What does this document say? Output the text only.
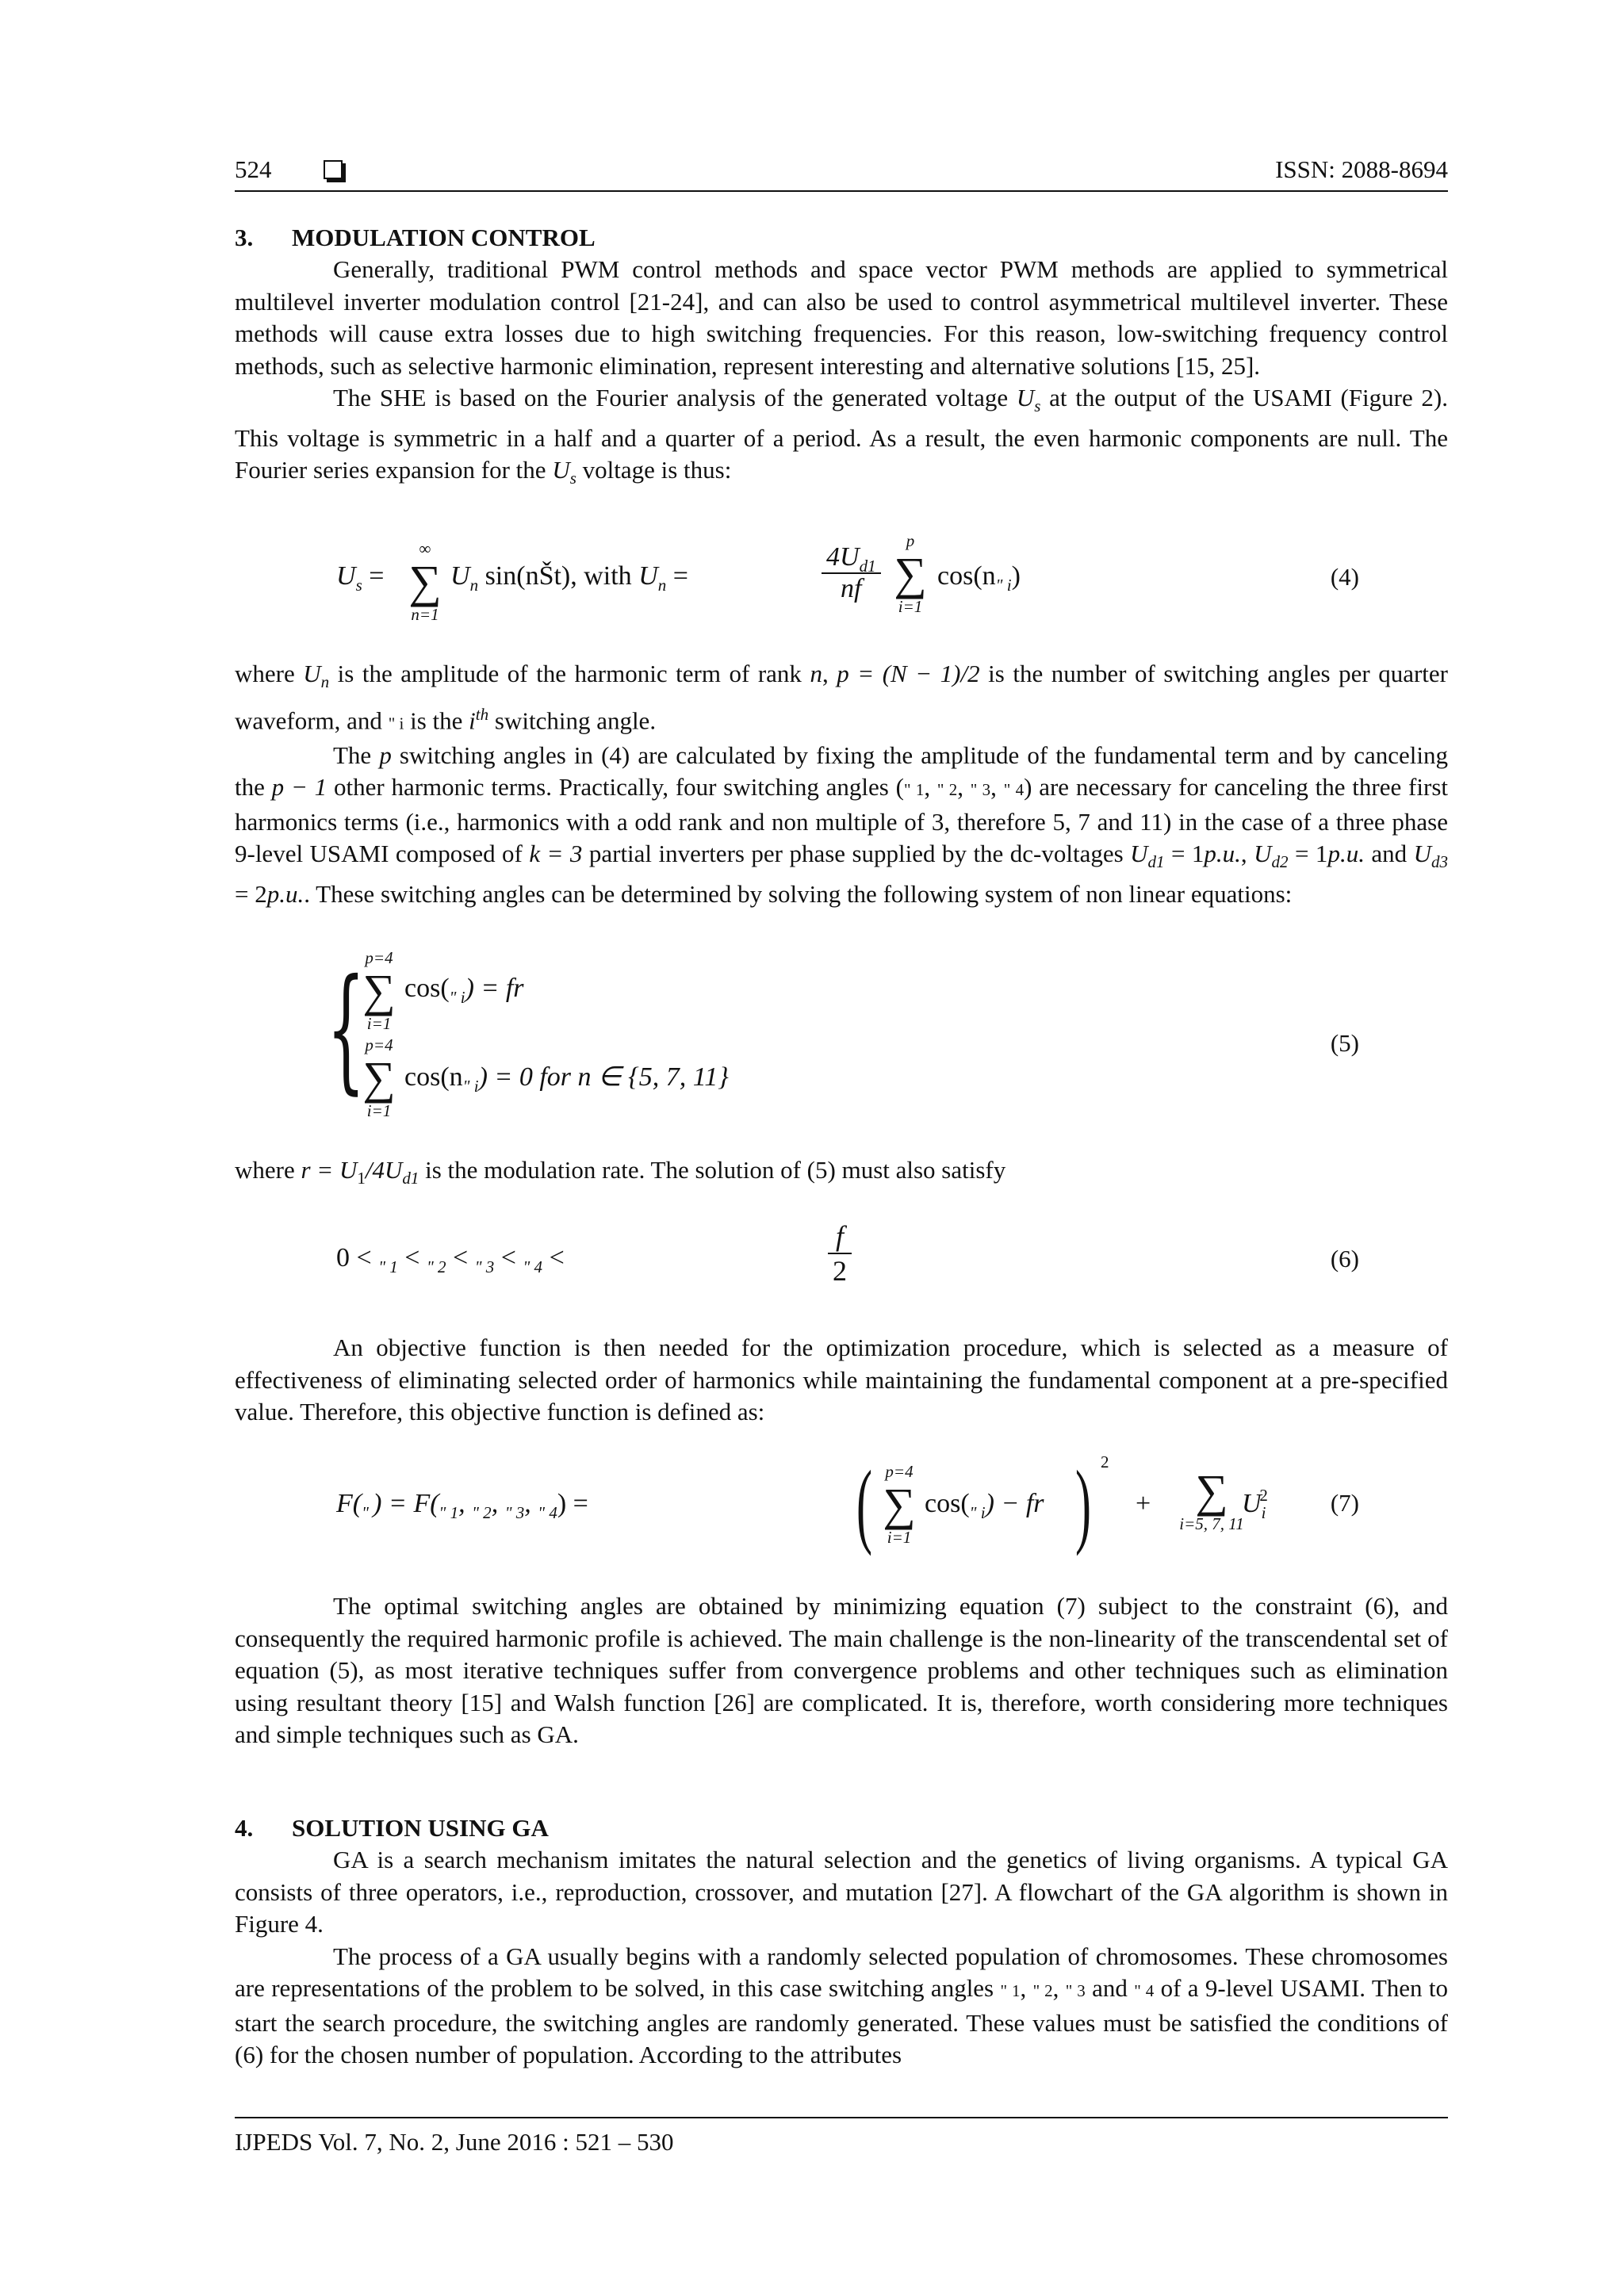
524	ISSN: 2088-8694

3. MODULATION CONTROL

Generally, traditional PWM control methods and space vector PWM methods are applied to symmetrical multilevel inverter modulation control [21-24], and can also be used to control asymmetrical multilevel inverter. These methods will cause extra losses due to high switching frequencies. For this reason, low-switching frequency control methods, such as selective harmonic elimination, represent interesting and alternative solutions [15, 25].

The SHE is based on the Fourier analysis of the generated voltage $U_s$ at the output of the USAMI (Figure 2). This voltage is symmetric in a half and a quarter of a period. As a result, the even harmonic components are null. The Fourier series expansion for the $U_s$ voltage is thus:

$U_s$ =
∞
∑
n=1
$U_n$ sin(nŠt), with $U_n$ =	$\frac{4U_{d1}}{nf}$
p
∑
i=1
$\cos(n_{" i})$	(4)

where $U_n$ is the amplitude of the harmonic term of rank n, p = (N − 1)/2 is the number of switching angles per quarter waveform, and " i is the $i^{th}$ switching angle.

The p switching angles in (4) are calculated by fixing the amplitude of the fundamental term and by canceling the p − 1 other harmonic terms. Practically, four switching angles (" 1, " 2, " 3, " 4) are necessary for canceling the three first harmonics terms (i.e., harmonics with a odd rank and non multiple of 3, therefore 5, 7 and 11) in the case of a three phase 9-level USAMI composed of k = 3 partial inverters per phase supplied by the dc-voltages $U_{d1} = 1p.u$., $U_{d2} = 1p.u$. and $U_{d3} = 2p.u$.. These switching angles can be determined by solving the following system of non linear equations:

{ p=4
∑
i=1
$\cos(_{" i})$ = fr
p=4
∑
i=1
$\cos(n_{" i}) = 0$ for n ∈ {5, 7, 11}
(5)

where $r = U_1/4U_{d1}$ is the modulation rate. The solution of (5) must also satisfy

0 < $_{" 1}$ < $_{" 2}$ < $_{" 3}$ < $_{" 4}$ <	$\frac{f}{2}$	(6)

An objective function is then needed for the optimization procedure, which is selected as a measure of effectiveness of eliminating selected order of harmonics while maintaining the fundamental component at a pre-specified value. Therefore, this objective function is defined as:

$F(_"$ ) = $F(_{" 1}$, $_{" 2}$, $_{" 3}$, $_{" 4}$) =	( p=4
∑
i=1
$\cos(_{" i})$ − fr ) 2
+ ∑
i=5, 7, 11
$U_i^2$	(7)

The optimal switching angles are obtained by minimizing equation (7) subject to the constraint (6), and consequently the required harmonic profile is achieved. The main challenge is the non-linearity of the transcendental set of equation (5), as most iterative techniques suffer from convergence problems and other techniques such as elimination using resultant theory [15] and Walsh function [26] are complicated. It is, therefore, worth considering more techniques and simple techniques such as GA.

4. SOLUTION USING GA

GA is a search mechanism imitates the natural selection and the genetics of living organisms. A typical GA consists of three operators, i.e., reproduction, crossover, and mutation [27]. A flowchart of the GA algorithm is shown in Figure 4.

The process of a GA usually begins with a randomly selected population of chromosomes. These chromosomes are representations of the problem to be solved, in this case switching angles " 1, " 2, " 3 and " 4 of a 9-level USAMI. Then to start the search procedure, the switching angles are randomly generated. These values must be satisfied the conditions of (6) for the chosen number of population. According to the attributes

IJPEDS Vol. 7, No. 2, June 2016 : 521 – 530
